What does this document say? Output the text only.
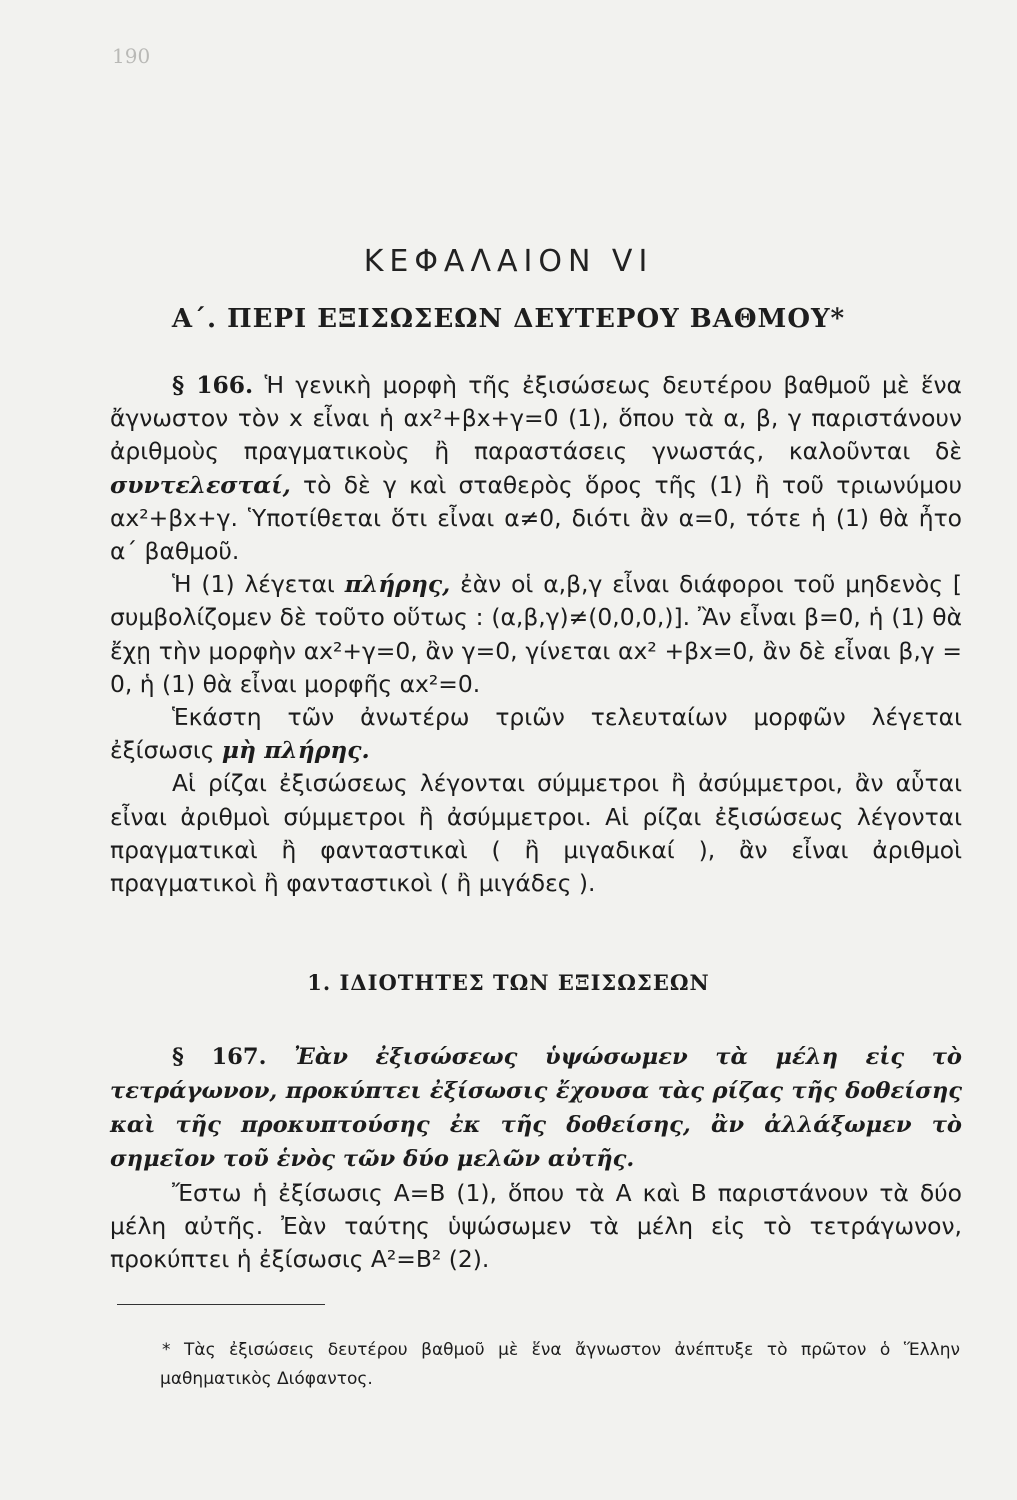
190
ΚΕΦΑΛΑΙΟΝ VI
Α΄. ΠΕΡΙ ΕΞΙΣΩΣΕΩΝ ΔΕΥΤΕΡΟΥ ΒΑΘΜΟΥ*

§ 166. Ἡ γενικὴ μορφὴ τῆς ἐξισώσεως δευτέρου βαθμοῦ μὲ ἕνα ἄγνωστον τὸν x εἶναι ἡ αx²+βx+γ=0 (1), ὅπου τὰ α, β, γ παριστάνουν ἀριθμοὺς πραγματικοὺς ἢ παραστάσεις γνωστάς, καλοῦνται δὲ συντελεσταί, τὸ δὲ γ καὶ σταθερὸς ὅρος τῆς (1) ἢ τοῦ τριωνύμου αx²+βx+γ. Ὑποτίθεται ὅτι εἶναι α≠0, διότι ἂν α=0, τότε ἡ (1) θὰ ἦτο α΄ βαθμοῦ.

Ἡ (1) λέγεται πλήρης, ἐὰν οἱ α,β,γ εἶναι διάφοροι τοῦ μηδενὸς [ συμβολίζομεν δὲ τοῦτο οὕτως : (α,β,γ)≠(0,0,0,)]. Ἂν εἶναι β=0, ἡ (1) θὰ ἔχῃ τὴν μορφὴν αx²+γ=0, ἂν γ=0, γίνεται αx² +βx=0, ἂν δὲ εἶναι β,γ = 0, ἡ (1) θὰ εἶναι μορφῆς αx²=0.

Ἑκάστη τῶν ἀνωτέρω τριῶν τελευταίων μορφῶν λέγεται ἐξίσωσις μὴ πλήρης.

Αἱ ρίζαι ἐξισώσεως λέγονται σύμμετροι ἢ ἀσύμμετροι, ἂν αὗται εἶναι ἀριθμοὶ σύμμετροι ἢ ἀσύμμετροι. Αἱ ρίζαι ἐξισώσεως λέγονται πραγματικαὶ ἢ φανταστικαὶ ( ἢ μιγαδικαί ), ἂν εἶναι ἀριθμοὶ πραγματικοὶ ἢ φανταστικοὶ ( ἢ μιγάδες ).

1. ΙΔΙΟΤΗΤΕΣ ΤΩΝ ΕΞΙΣΩΣΕΩΝ
§ 167. Ἐὰν ἐξισώσεως ὑψώσωμεν τὰ μέλη εἰς τὸ τετράγωνον, προκύπτει ἐξίσωσις ἔχουσα τὰς ρίζας τῆς δοθείσης καὶ τῆς προκυπτούσης ἐκ τῆς δοθείσης, ἂν ἀλλάξωμεν τὸ σημεῖον τοῦ ἑνὸς τῶν δύο μελῶν αὐτῆς.

Ἔστω ἡ ἐξίσωσις Α=Β (1), ὅπου τὰ Α καὶ Β παριστάνουν τὰ δύο μέλη αὐτῆς. Ἐὰν ταύτης ὑψώσωμεν τὰ μέλη εἰς τὸ τετράγωνον, προκύπτει ἡ ἐξίσωσις Α²=Β² (2).

* Τὰς ἐξισώσεις δευτέρου βαθμοῦ μὲ ἕνα ἄγνωστον ἀνέπτυξε τὸ πρῶτον ὁ Ἕλλην μαθηματικὸς Διόφαντος.
